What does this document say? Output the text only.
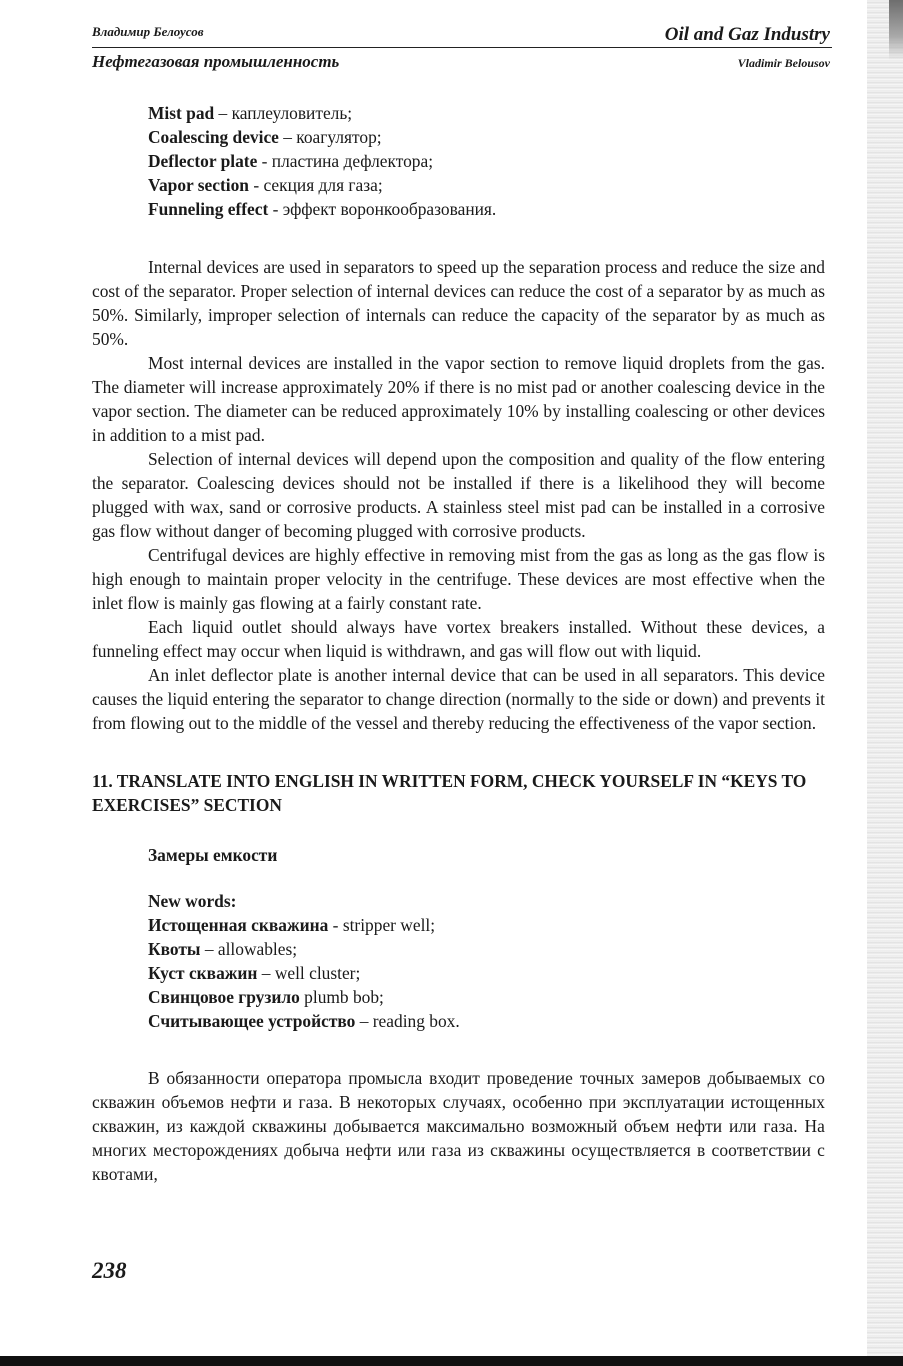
Владимир Белоусов	Oil and Gaz Industry
Нефтегазовая промышленность	Vladimir Belousov
Mist pad – каплеуловитель;
Coalescing device – коагулятор;
Deflector plate - пластина дефлектора;
Vapor section - секция для газа;
Funneling effect - эффект воронкообразования.

Internal devices are used in separators to speed up the separation process and reduce the size and cost of the separator. Proper selection of internal devices can reduce the cost of a separator by as much as 50%. Similarly, improper selection of internals can reduce the capacity of the separator by as much as 50%.

Most internal devices are installed in the vapor section to remove liquid droplets from the gas. The diameter will increase approximately 20% if there is no mist pad or another coalescing device in the vapor section. The diameter can be reduced approximately 10% by installing coalescing or other devices in addition to a mist pad.

Selection of internal devices will depend upon the composition and quality of the flow entering the separator. Coalescing devices should not be installed if there is a likelihood they will become plugged with wax, sand or corrosive products. A stainless steel mist pad can be installed in a corrosive gas flow without danger of becoming plugged with corrosive products.

Centrifugal devices are highly effective in removing mist from the gas as long as the gas flow is high enough to maintain proper velocity in the centrifuge. These devices are most effective when the inlet flow is mainly gas flowing at a fairly constant rate.

Each liquid outlet should always have vortex breakers installed. Without these devices, a funneling effect may occur when liquid is withdrawn, and gas will flow out with liquid.

An inlet deflector plate is another internal device that can be used in all separators. This device causes the liquid entering the separator to change direction (normally to the side or down) and prevents it from flowing out to the middle of the vessel and thereby reducing the effectiveness of the vapor section.

11. TRANSLATE INTO ENGLISH IN WRITTEN FORM, CHECK YOURSELF IN “KEYS TO EXERCISES” SECTION
Замеры емкости
New words:
Истощенная скважина - stripper well;
Квоты – allowables;
Куст скважин – well cluster;
Свинцовое грузило plumb bob;
Считывающее устройство – reading box.

В обязанности оператора промысла входит проведение точных замеров добываемых со скважин объемов нефти и газа. В некоторых случаях, особенно при эксплуатации истощенных скважин, из каждой скважины добывается максимально возможный объем нефти или газа. На многих месторождениях добыча нефти или газа из скважины осуществляется в соответствии с квотами,

238
